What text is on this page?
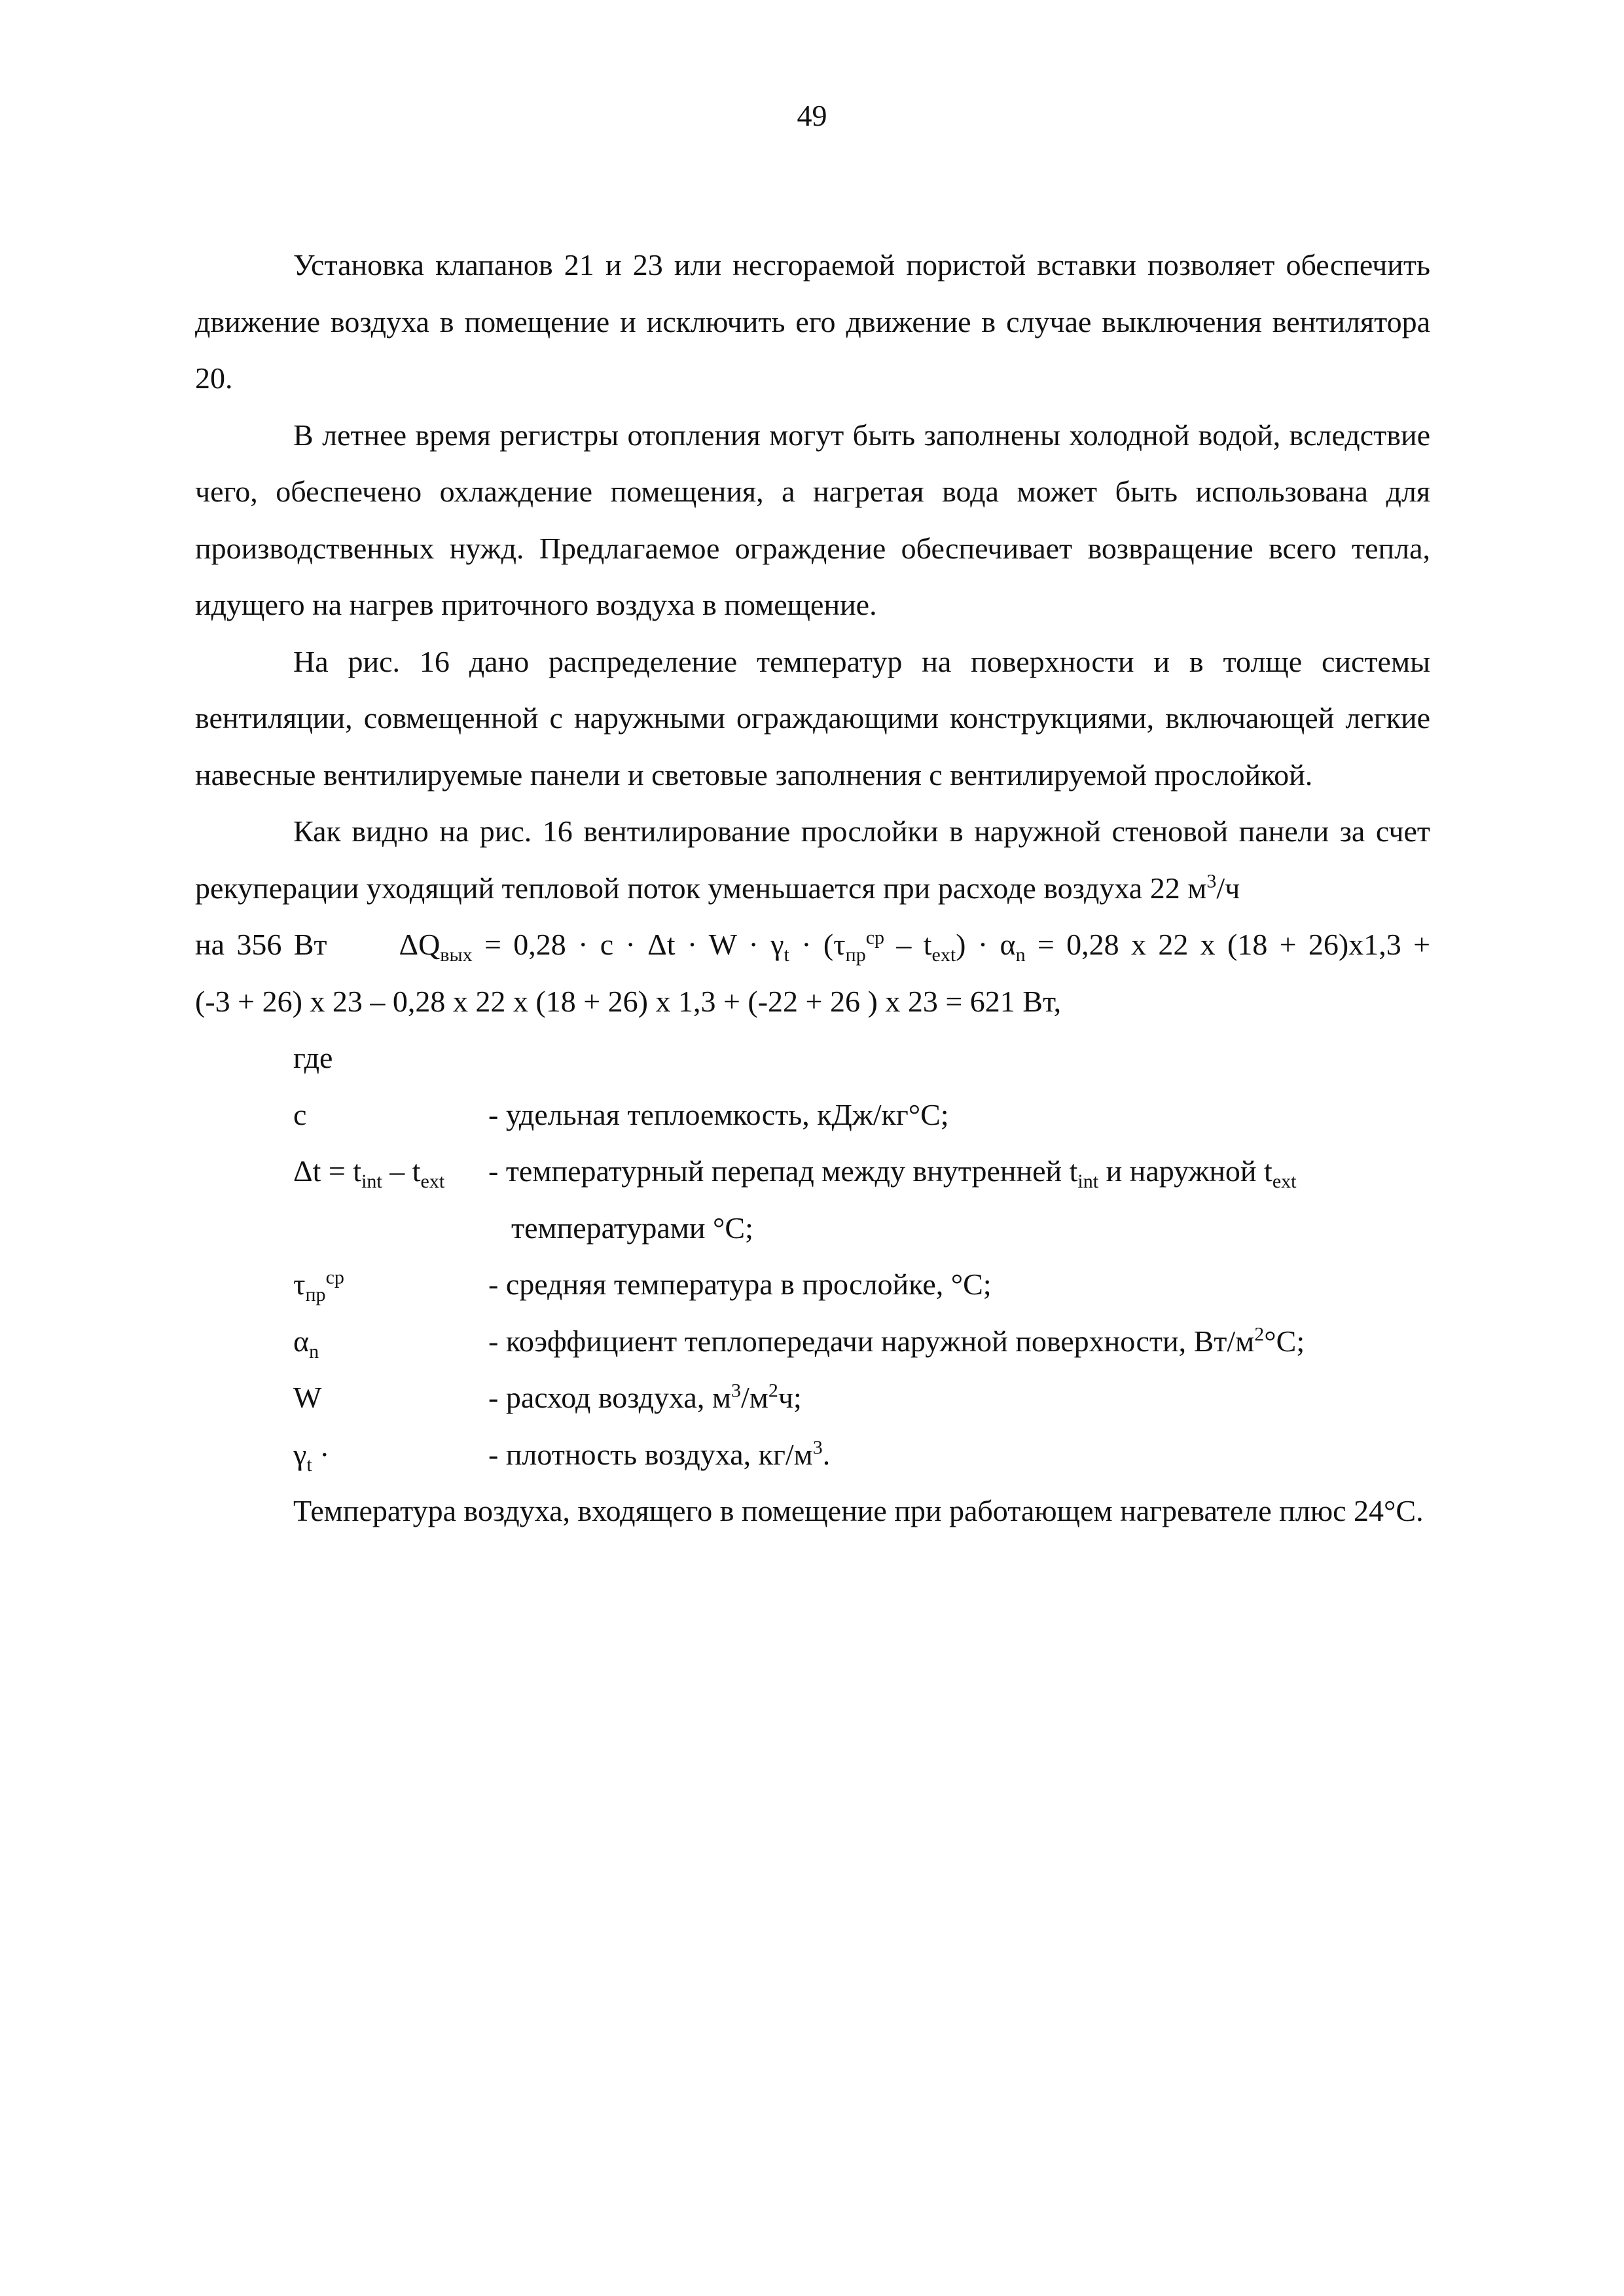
49

Установка клапанов 21 и 23 или несгораемой пористой вставки позволяет обеспечить движение воздуха в помещение и исключить его движение в случае выключения вентилятора 20.

В летнее время регистры отопления могут быть заполнены холодной водой, вследствие чего, обеспечено охлаждение помещения, а нагретая вода может быть использована для производственных нужд. Предлагаемое ограждение обеспечивает возвращение всего тепла, идущего на нагрев приточного воздуха в помещение.

На рис. 16 дано распределение температур на поверхности и в толще системы вентиляции, совмещенной с наружными ограждающими конструкциями, включающей легкие навесные вентилируемые панели и световые заполнения с вентилируемой прослойкой.

Как видно на рис. 16 вентилирование прослойки в наружной стеновой панели за счет рекуперации уходящий тепловой поток уменьшается при расходе воздуха 22 $м^3/ч$

на 356 Вт $\Delta Q_{вых} = 0,28 \cdot c \cdot \Delta t \cdot W \cdot \gamma_t \cdot (\tau_{пр}^{ср} - t_{ext}) \cdot \alpha_n = 0,28$ х 22 х (18 + 26)х1,3 +

(-3 + 26) х 23 – 0,28 х 22 х (18 + 26) х 1,3 + (-22 + 26 ) х 23 = 621 Вт,

где

c	- удельная теплоемкость, кДж/кг°С;
$\Delta t = t_{int} - t_{ext}$	- температурный перепад между внутренней $t_{int}$ и наружной $t_{ext}$
температурами °С;
$\tau_{пр}^{ср}$	- средняя температура в прослойке, °С;
$\alpha_n$	- коэффициент теплопередачи наружной поверхности, $Вт/м^2^\circ С$;
W	- расход воздуха, $м^3/м^2ч$;
$\gamma_t$ ·	- плотность воздуха, $кг/м^3$.

Температура воздуха, входящего в помещение при работающем нагревателе плюс 24°С.
